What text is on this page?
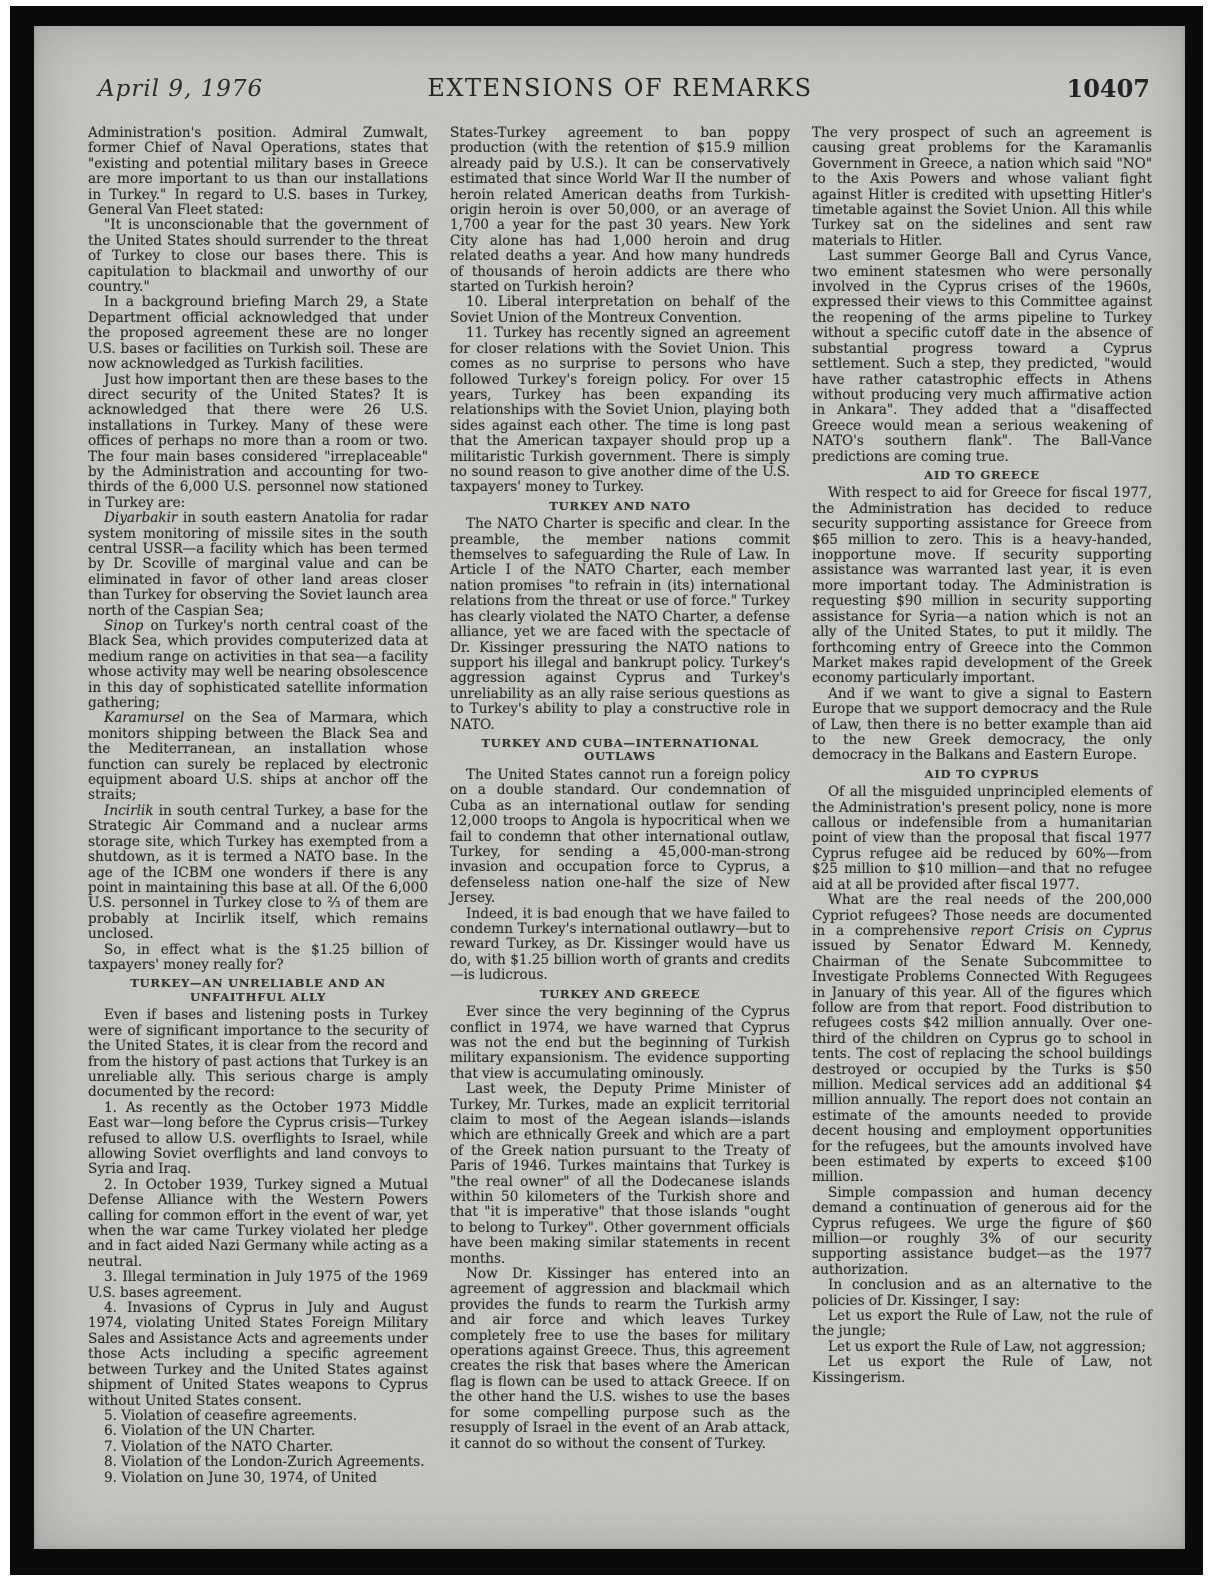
April 9, 1976	EXTENSIONS OF REMARKS	10407

Administration's position. Admiral Zumwalt, former Chief of Naval Operations, states that "existing and potential military bases in Greece are more important to us than our installations in Turkey." In regard to U.S. bases in Turkey, General Van Fleet stated:

"It is unconscionable that the government of the United States should surrender to the threat of Turkey to close our bases there. This is capitulation to blackmail and unworthy of our country."

In a background briefing March 29, a State Department official acknowledged that under the proposed agreement these are no longer U.S. bases or facilities on Turkish soil. These are now acknowledged as Turkish facilities.

Just how important then are these bases to the direct security of the United States? It is acknowledged that there were 26 U.S. installations in Turkey. Many of these were offices of perhaps no more than a room or two. The four main bases considered "irreplaceable" by the Administration and accounting for two-thirds of the 6,000 U.S. personnel now stationed in Turkey are:

Diyarbakir in south eastern Anatolia for radar system monitoring of missile sites in the south central USSR—a facility which has been termed by Dr. Scoville of marginal value and can be eliminated in favor of other land areas closer than Turkey for observing the Soviet launch area north of the Caspian Sea;

Sinop on Turkey's north central coast of the Black Sea, which provides computerized data at medium range on activities in that sea—a facility whose activity may well be nearing obsolescence in this day of sophisticated satellite information gathering;

Karamursel on the Sea of Marmara, which monitors shipping between the Black Sea and the Mediterranean, an installation whose function can surely be replaced by electronic equipment aboard U.S. ships at anchor off the straits;

Incirlik in south central Turkey, a base for the Strategic Air Command and a nuclear arms storage site, which Turkey has exempted from a shutdown, as it is termed a NATO base. In the age of the ICBM one wonders if there is any point in maintaining this base at all. Of the 6,000 U.S. personnel in Turkey close to ⅔ of them are probably at Incirlik itself, which remains unclosed.

So, in effect what is the $1.25 billion of taxpayers' money really for?

TURKEY—AN UNRELIABLE AND AN UNFAITHFUL ALLY

Even if bases and listening posts in Turkey were of significant importance to the security of the United States, it is clear from the record and from the history of past actions that Turkey is an unreliable ally. This serious charge is amply documented by the record:

1. As recently as the October 1973 Middle East war—long before the Cyprus crisis—Turkey refused to allow U.S. overflights to Israel, while allowing Soviet overflights and land convoys to Syria and Iraq.

2. In October 1939, Turkey signed a Mutual Defense Alliance with the Western Powers calling for common effort in the event of war, yet when the war came Turkey violated her pledge and in fact aided Nazi Germany while acting as a neutral.

3. Illegal termination in July 1975 of the 1969 U.S. bases agreement.

4. Invasions of Cyprus in July and August 1974, violating United States Foreign Military Sales and Assistance Acts and agreements under those Acts including a specific agreement between Turkey and the United States against shipment of United States weapons to Cyprus without United States consent.

5. Violation of ceasefire agreements.

6. Violation of the UN Charter.

7. Violation of the NATO Charter.

8. Violation of the London-Zurich Agreements.

9. Violation on June 30, 1974, of United

States-Turkey agreement to ban poppy production (with the retention of $15.9 million already paid by U.S.). It can be conservatively estimated that since World War II the number of heroin related American deaths from Turkish-origin heroin is over 50,000, or an average of 1,700 a year for the past 30 years. New York City alone has had 1,000 heroin and drug related deaths a year. And how many hundreds of thousands of heroin addicts are there who started on Turkish heroin?

10. Liberal interpretation on behalf of the Soviet Union of the Montreux Convention.

11. Turkey has recently signed an agreement for closer relations with the Soviet Union. This comes as no surprise to persons who have followed Turkey's foreign policy. For over 15 years, Turkey has been expanding its relationships with the Soviet Union, playing both sides against each other. The time is long past that the American taxpayer should prop up a militaristic Turkish government. There is simply no sound reason to give another dime of the U.S. taxpayers' money to Turkey.

TURKEY AND NATO

The NATO Charter is specific and clear. In the preamble, the member nations commit themselves to safeguarding the Rule of Law. In Article I of the NATO Charter, each member nation promises "to refrain in (its) international relations from the threat or use of force." Turkey has clearly violated the NATO Charter, a defense alliance, yet we are faced with the spectacle of Dr. Kissinger pressuring the NATO nations to support his illegal and bankrupt policy. Turkey's aggression against Cyprus and Turkey's unreliability as an ally raise serious questions as to Turkey's ability to play a constructive role in NATO.

TURKEY AND CUBA—INTERNATIONAL OUTLAWS

The United States cannot run a foreign policy on a double standard. Our condemnation of Cuba as an international outlaw for sending 12,000 troops to Angola is hypocritical when we fail to condemn that other international outlaw, Turkey, for sending a 45,000-man-strong invasion and occupation force to Cyprus, a defenseless nation one-half the size of New Jersey.

Indeed, it is bad enough that we have failed to condemn Turkey's international outlawry—but to reward Turkey, as Dr. Kissinger would have us do, with $1.25 billion worth of grants and credits—is ludicrous.

TURKEY AND GREECE

Ever since the very beginning of the Cyprus conflict in 1974, we have warned that Cyprus was not the end but the beginning of Turkish military expansionism. The evidence supporting that view is accumulating ominously.

Last week, the Deputy Prime Minister of Turkey, Mr. Turkes, made an explicit territorial claim to most of the Aegean islands—islands which are ethnically Greek and which are a part of the Greek nation pursuant to the Treaty of Paris of 1946. Turkes maintains that Turkey is "the real owner" of all the Dodecanese islands within 50 kilometers of the Turkish shore and that "it is imperative" that those islands "ought to belong to Turkey". Other government officials have been making similar statements in recent months.

Now Dr. Kissinger has entered into an agreement of aggression and blackmail which provides the funds to rearm the Turkish army and air force and which leaves Turkey completely free to use the bases for military operations against Greece. Thus, this agreement creates the risk that bases where the American flag is flown can be used to attack Greece. If on the other hand the U.S. wishes to use the bases for some compelling purpose such as the resupply of Israel in the event of an Arab attack, it cannot do so without the consent of Turkey.

The very prospect of such an agreement is causing great problems for the Karamanlis Government in Greece, a nation which said "NO" to the Axis Powers and whose valiant fight against Hitler is credited with upsetting Hitler's timetable against the Soviet Union. All this while Turkey sat on the sidelines and sent raw materials to Hitler.

Last summer George Ball and Cyrus Vance, two eminent statesmen who were personally involved in the Cyprus crises of the 1960s, expressed their views to this Committee against the reopening of the arms pipeline to Turkey without a specific cutoff date in the absence of substantial progress toward a Cyprus settlement. Such a step, they predicted, "would have rather catastrophic effects in Athens without producing very much affirmative action in Ankara". They added that a "disaffected Greece would mean a serious weakening of NATO's southern flank". The Ball-Vance predictions are coming true.

AID TO GREECE

With respect to aid for Greece for fiscal 1977, the Administration has decided to reduce security supporting assistance for Greece from $65 million to zero. This is a heavy-handed, inopportune move. If security supporting assistance was warranted last year, it is even more important today. The Administration is requesting $90 million in security supporting assistance for Syria—a nation which is not an ally of the United States, to put it mildly. The forthcoming entry of Greece into the Common Market makes rapid development of the Greek economy particularly important.

And if we want to give a signal to Eastern Europe that we support democracy and the Rule of Law, then there is no better example than aid to the new Greek democracy, the only democracy in the Balkans and Eastern Europe.

AID TO CYPRUS

Of all the misguided unprincipled elements of the Administration's present policy, none is more callous or indefensible from a humanitarian point of view than the proposal that fiscal 1977 Cyprus refugee aid be reduced by 60%—from $25 million to $10 million—and that no refugee aid at all be provided after fiscal 1977.

What are the real needs of the 200,000 Cypriot refugees? Those needs are documented in a comprehensive report Crisis on Cyprus issued by Senator Edward M. Kennedy, Chairman of the Senate Subcommittee to Investigate Problems Connected With Regugees in January of this year. All of the figures which follow are from that report. Food distribution to refugees costs $42 million annually. Over one-third of the children on Cyprus go to school in tents. The cost of replacing the school buildings destroyed or occupied by the Turks is $50 million. Medical services add an additional $4 million annually. The report does not contain an estimate of the amounts needed to provide decent housing and employment opportunities for the refugees, but the amounts involved have been estimated by experts to exceed $100 million.

Simple compassion and human decency demand a continuation of generous aid for the Cyprus refugees. We urge the figure of $60 million—or roughly 3% of our security supporting assistance budget—as the 1977 authorization.

In conclusion and as an alternative to the policies of Dr. Kissinger, I say:

Let us export the Rule of Law, not the rule of the jungle;

Let us export the Rule of Law, not aggression;

Let us export the Rule of Law, not Kissingerism.
